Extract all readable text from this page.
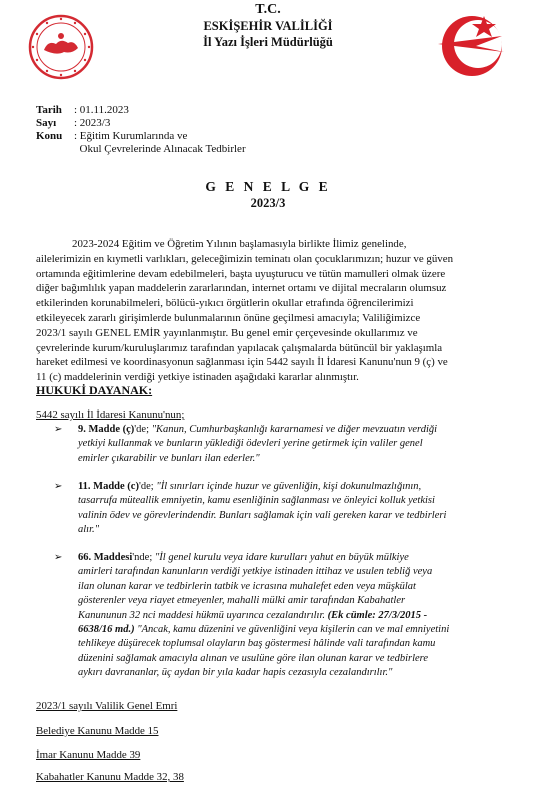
T.C.
ESKİŞEHİR VALİLİĞİ
İl Yazı İşleri Müdürlüğü
Tarih	: 01.11.2023
Sayı	: 2023/3
Konu	: Eğitim Kurumlarında ve
Okul Çevrelerinde Alınacak Tedbirler
G E N E L G E
2023/3
2023-2024 Eğitim ve Öğretim Yılının başlamasıyla birlikte İlimiz genelinde,
ailelerimizin en kıymetli varlıkları, geleceğimizin teminatı olan çocuklarımızın; huzur ve güven
ortamında eğitimlerine devam edebilmeleri, başta uyuşturucu ve tütün mamulleri olmak üzere
diğer bağımlılık yapan maddelerin zararlarından, internet ortamı ve dijital mecraların olumsuz
etkilerinden korunabilmeleri, bölücü-yıkıcı örgütlerin okullar etrafında öğrencilerimizi
etkileyecek zararlı girişimlerde bulunmalarının önüne geçilmesi amacıyla; Valiliğimizce
2023/1 sayılı GENEL EMİR yayınlanmıştır. Bu genel emir çerçevesinde okullarımız ve
çevrelerinde kurum/kuruluşlarımız tarafından yapılacak çalışmalarda bütüncül bir yaklaşımla
hareket edilmesi ve koordinasyonun sağlanması için 5442 sayılı İl İdaresi Kanunu'nun 9 (ç) ve
11 (c) maddelerinin verdiği yetkiye istinaden aşağıdaki kararlar alınmıştır.
HUKUKİ DAYANAK:
5442 sayılı İl İdaresi Kanunu'nun;
➢ 9. Madde (ç)'de; "Kanun, Cumhurbaşkanlığı kararnamesi ve diğer mevzuatın verdiği
yetkiyi kullanmak ve bunların yüklediği ödevleri yerine getirmek için valiler genel
emirler çıkarabilir ve bunları ilan ederler."
➢ 11. Madde (c)'de; "İl sınırları içinde huzur ve güvenliğin, kişi dokunulmazlığının,
tasarrufa müteallik emniyetin, kamu esenliğinin sağlanması ve önleyici kolluk yetkisi
valinin ödev ve görevlerindendir. Bunları sağlamak için vali gereken karar ve tedbirleri
alır."
➢ 66. Maddesi'nde; "İl genel kurulu veya idare kurulları yahut en büyük mülkiye
amirleri tarafından kanunların verdiği yetkiye istinaden ittihaz ve usulen tebliğ veya
ilan olunan karar ve tedbirlerin tatbik ve icrasına muhalefet eden veya müşkülat
gösterenler veya riayet etmeyenler, mahalli mülki amir tarafından Kabahatler
Kanununun 32 nci maddesi hükmü uyarınca cezalandırılır. (Ek cümle: 27/3/2015 -
6638/16 md.) "Ancak, kamu düzenini ve güvenliğini veya kişilerin can ve mal emniyetini
tehlikeye düşürecek toplumsal olayların baş göstermesi hâlinde vali tarafından kamu
düzenini sağlamak amacıyla alınan ve usulüne göre ilan olunan karar ve tedbirlere
aykırı davrananlar, üç aydan bir yıla kadar hapis cezasıyla cezalandırılır."
2023/1 sayılı Valilik Genel Emri
Belediye Kanunu Madde 15
İmar Kanunu Madde 39
Kabahatler Kanunu Madde 32, 38
